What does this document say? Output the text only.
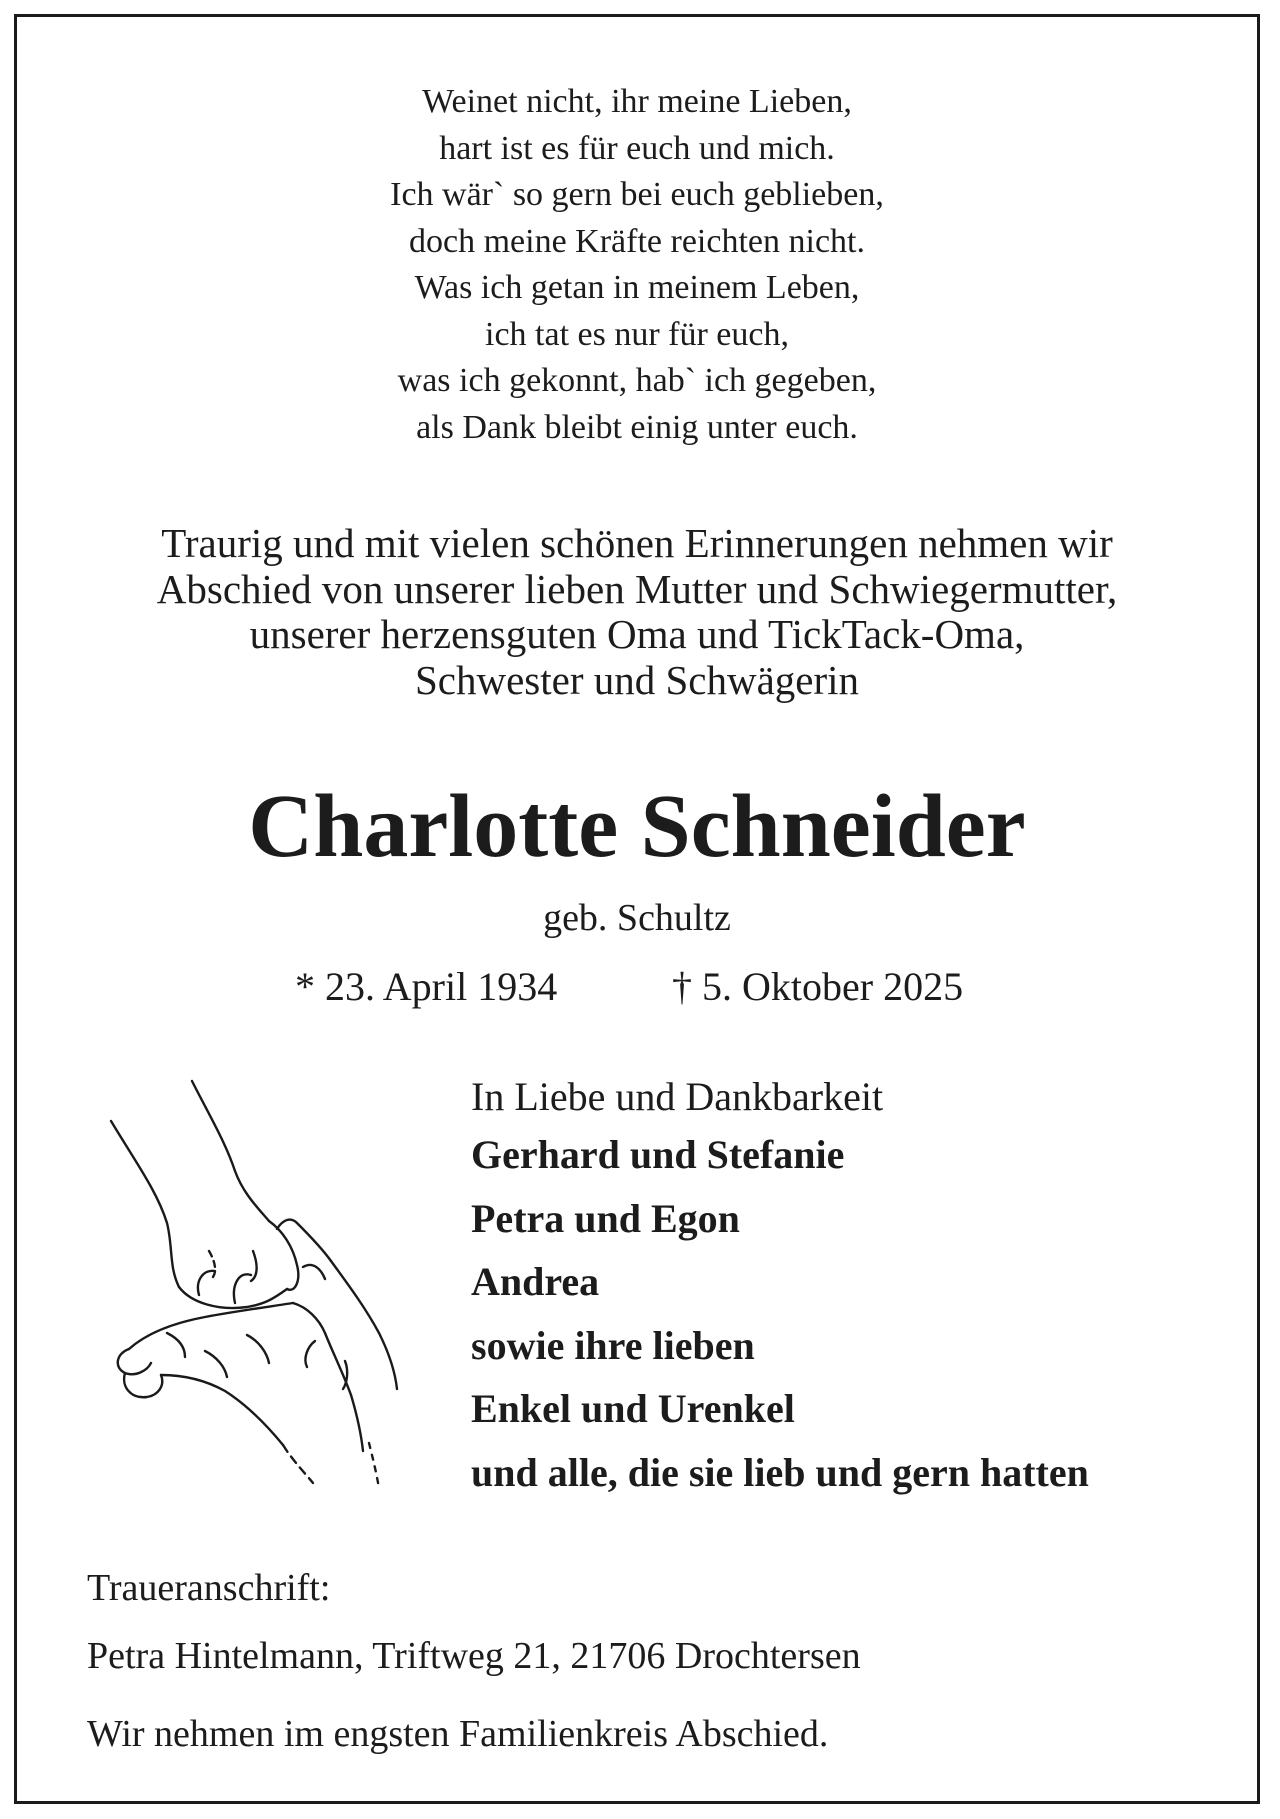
Weinet nicht, ihr meine Lieben,
hart ist es für euch und mich.
Ich wär` so gern bei euch geblieben,
doch meine Kräfte reichten nicht.
Was ich getan in meinem Leben,
ich tat es nur für euch,
was ich gekonnt, hab` ich gegeben,
als Dank bleibt einig unter euch.
Traurig und mit vielen schönen Erinnerungen nehmen wir
Abschied von unserer lieben Mutter und Schwiegermutter,
unserer herzensguten Oma und TickTack-Oma,
Schwester und Schwägerin
Charlotte Schneider
geb. Schultz
* 23. April 1934	† 5. Oktober 2025
In Liebe und Dankbarkeit
Gerhard und Stefanie
Petra und Egon
Andrea
sowie ihre lieben
Enkel und Urenkel
und alle, die sie lieb und gern hatten
Traueranschrift:
Petra Hintelmann, Triftweg 21, 21706 Drochtersen
Wir nehmen im engsten Familienkreis Abschied.
